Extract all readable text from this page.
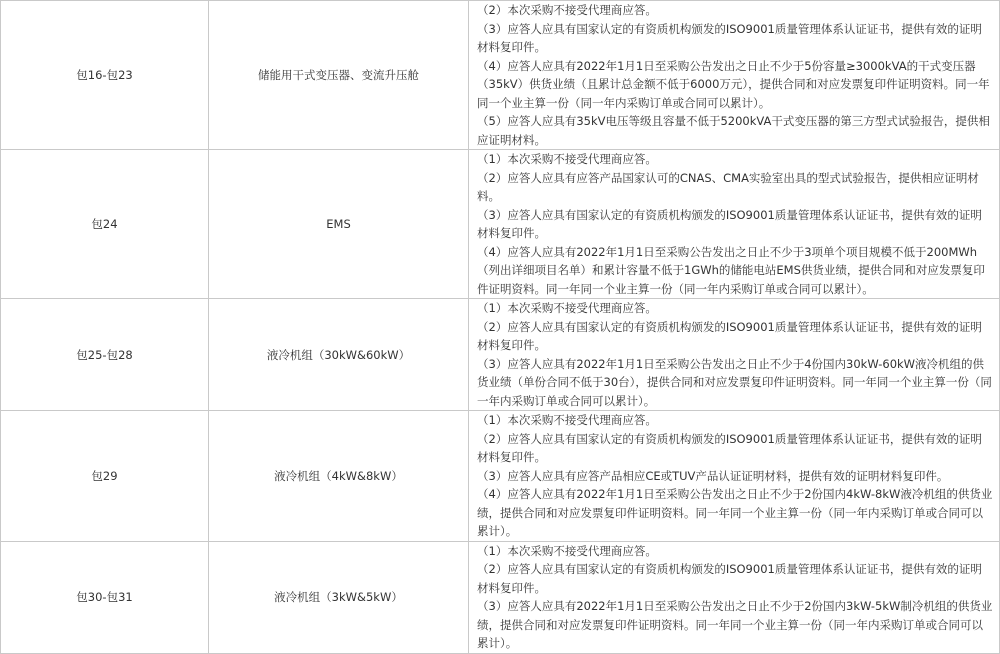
包16-包23	储能用干式变压器、变流升压舱	（2）本次采购不接受代理商应答。
（3）应答人应具有国家认定的有资质机构颁发的ISO9001质量管理体系认证证书，提供有效的证明材料复印件。
（4）应答人应具有2022年1月1日至采购公告发出之日止不少于5份容量≥3000kVA的干式变压器（35kV）供货业绩（且累计总金额不低于6000万元），提供合同和对应发票复印件证明资料。同一年同一个业主算一份（同一年内采购订单或合同可以累计）。
（5）应答人应具有35kV电压等级且容量不低于5200kVA干式变压器的第三方型式试验报告，提供相应证明材料。

包24	EMS	（1）本次采购不接受代理商应答。
（2）应答人应具有应答产品国家认可的CNAS、CMA实验室出具的型式试验报告，提供相应证明材料。
（3）应答人应具有国家认定的有资质机构颁发的ISO9001质量管理体系认证证书，提供有效的证明材料复印件。
（4）应答人应具有2022年1月1日至采购公告发出之日止不少于3项单个项目规模不低于200MWh（列出详细项目名单）和累计容量不低于1GWh的储能电站EMS供货业绩，提供合同和对应发票复印件证明资料。同一年同一个业主算一份（同一年内采购订单或合同可以累计）。

包25-包28	液冷机组（30kW&60kW）	（1）本次采购不接受代理商应答。
（2）应答人应具有国家认定的有资质机构颁发的ISO9001质量管理体系认证证书，提供有效的证明材料复印件。
（3）应答人应具有2022年1月1日至采购公告发出之日止不少于4份国内30kW-60kW液冷机组的供货业绩（单份合同不低于30台），提供合同和对应发票复印件证明资料。同一年同一个业主算一份（同一年内采购订单或合同可以累计）。

包29	液冷机组（4kW&8kW）	（1）本次采购不接受代理商应答。
（2）应答人应具有国家认定的有资质机构颁发的ISO9001质量管理体系认证证书，提供有效的证明材料复印件。
（3）应答人应具有应答产品相应CE或TUV产品认证证明材料，提供有效的证明材料复印件。
（4）应答人应具有2022年1月1日至采购公告发出之日止不少于2份国内4kW-8kW液冷机组的供货业绩，提供合同和对应发票复印件证明资料。同一年同一个业主算一份（同一年内采购订单或合同可以累计）。

包30-包31	液冷机组（3kW&5kW）	（1）本次采购不接受代理商应答。
（2）应答人应具有国家认定的有资质机构颁发的ISO9001质量管理体系认证证书，提供有效的证明材料复印件。
（3）应答人应具有2022年1月1日至采购公告发出之日止不少于2份国内3kW-5kW制冷机组的供货业绩，提供合同和对应发票复印件证明资料。同一年同一个业主算一份（同一年内采购订单或合同可以累计）。
